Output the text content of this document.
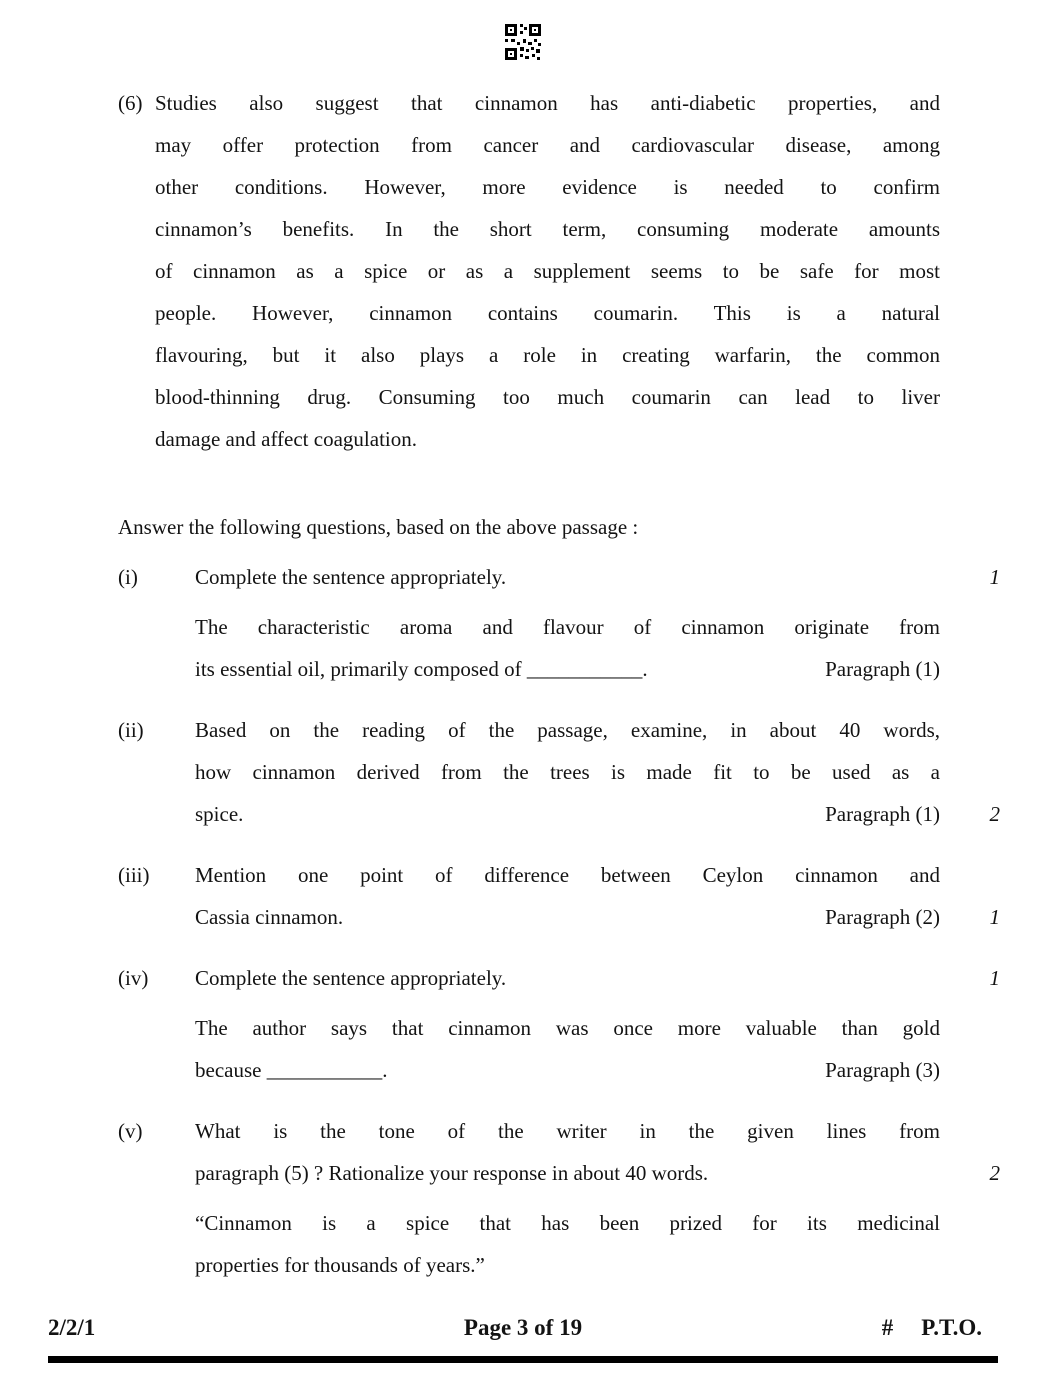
(6) Studies also suggest that cinnamon has anti-diabetic properties, and
may offer protection from cancer and cardiovascular disease, among
other conditions. However, more evidence is needed to confirm
cinnamon’s benefits. In the short term, consuming moderate amounts
of cinnamon as a spice or as a supplement seems to be safe for most
people. However, cinnamon contains coumarin. This is a natural
flavouring, but it also plays a role in creating warfarin, the common
blood-thinning drug. Consuming too much coumarin can lead to liver
damage and affect coagulation.
Answer the following questions, based on the above passage :
(i)	Complete the sentence appropriately.	1
The characteristic aroma and flavour of cinnamon originate from
its essential oil, primarily composed of ___________.	Paragraph (1)
(ii)	Based on the reading of the passage, examine, in about 40 words,
how cinnamon derived from the trees is made fit to be used as a
spice.	Paragraph (1)	2
(iii)	Mention one point of difference between Ceylon cinnamon and
Cassia cinnamon.	Paragraph (2)	1
(iv)	Complete the sentence appropriately.	1
The author says that cinnamon was once more valuable than gold
because ___________.	Paragraph (3)
(v)	What is the tone of the writer in the given lines from
paragraph (5) ? Rationalize your response in about 40 words.	2
“Cinnamon is a spice that has been prized for its medicinal
properties for thousands of years.”
2/2/1	Page 3 of 19	# P.T.O.
